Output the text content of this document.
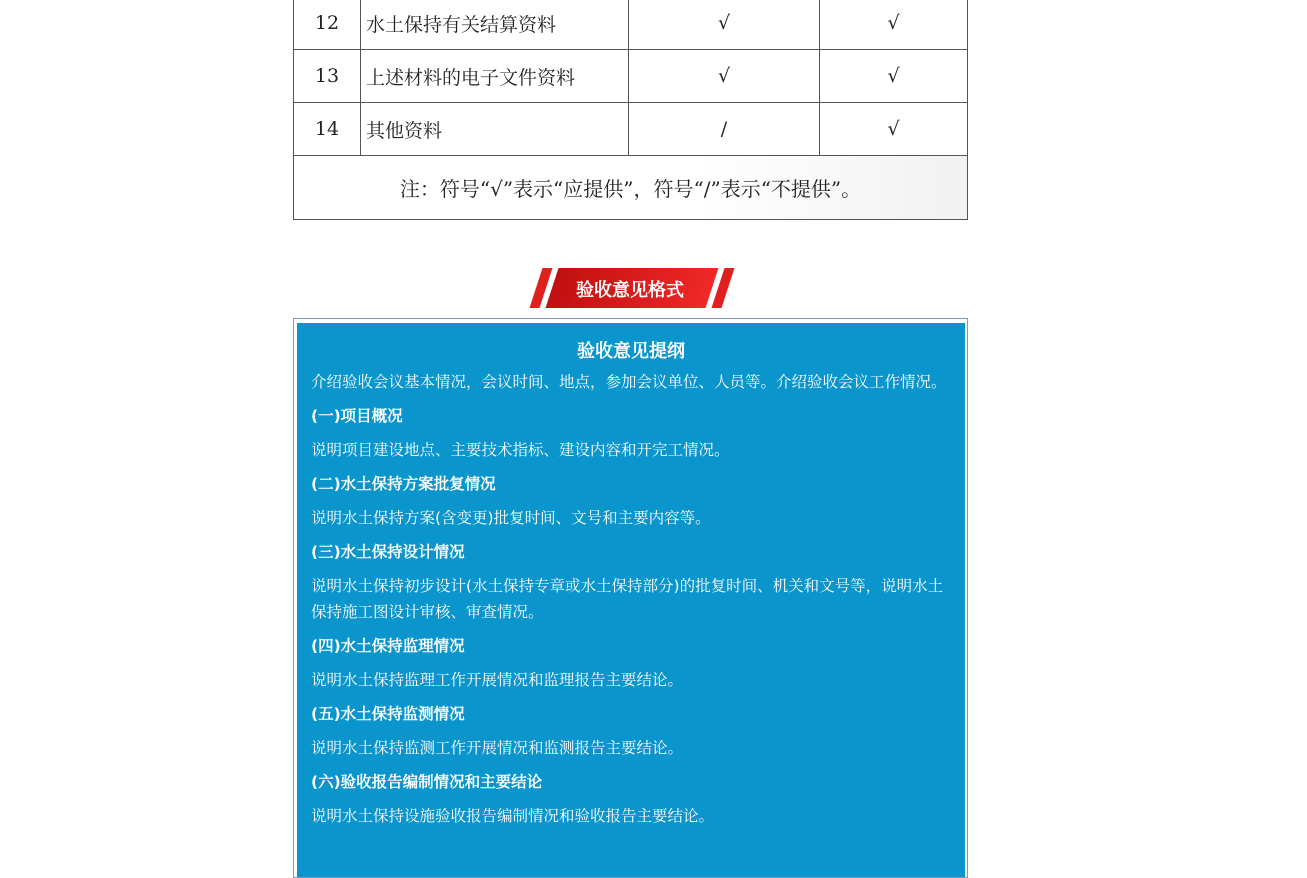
12	水土保持有关结算资料	√	√
13	上述材料的电子文件资料	√	√
14	其他资料	/	√
注：符号“√”表示“应提供”，符号“/”表示“不提供”。			
验收意见格式
验收意见提纲

介绍验收会议基本情况，会议时间、地点，参加会议单位、人员等。介绍验收会议工作情况。

(一)项目概况

说明项目建设地点、主要技术指标、建设内容和开完工情况。

(二)水土保持方案批复情况

说明水土保持方案(含变更)批复时间、文号和主要内容等。

(三)水土保持设计情况

说明水土保持初步设计(水土保持专章或水土保持部分)的批复时间、机关和文号等，说明水土保持施工图设计审核、审查情况。

(四)水土保持监理情况

说明水土保持监理工作开展情况和监理报告主要结论。

(五)水土保持监测情况

说明水土保持监测工作开展情况和监测报告主要结论。

(六)验收报告编制情况和主要结论

说明水土保持设施验收报告编制情况和验收报告主要结论。
